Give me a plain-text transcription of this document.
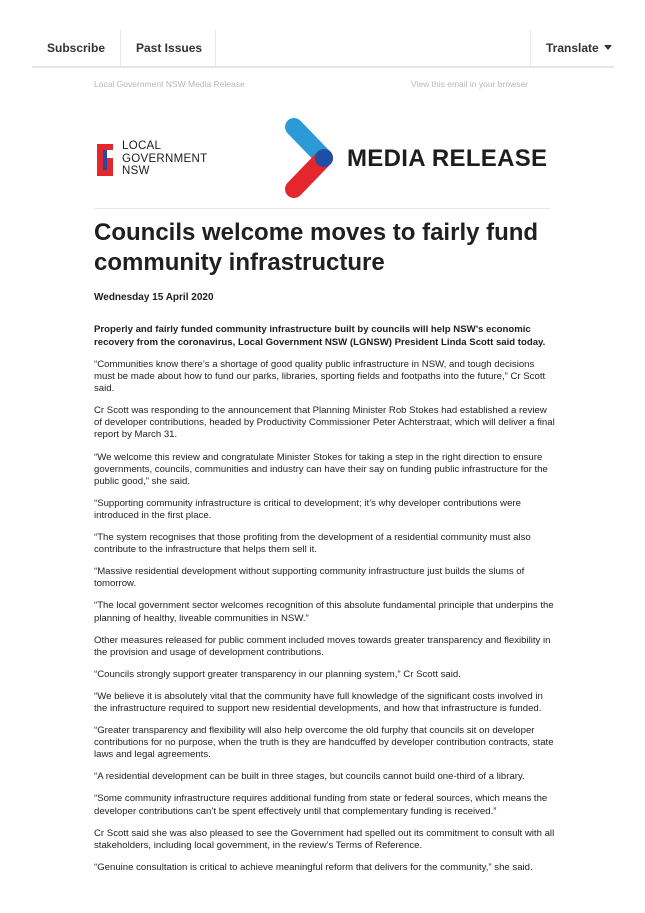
Subscribe	Past Issues	Translate
Local Government NSW Media Release	View this email in your browser
LOCAL
GOVERNMENT
NSW	MEDIA RELEASE
Councils welcome moves to fairly fund community infrastructure

Wednesday 15 April 2020

Properly and fairly funded community infrastructure built by councils will help NSW’s economic recovery from the coronavirus, Local Government NSW (LGNSW) President Linda Scott said today.

“Communities know there’s a shortage of good quality public infrastructure in NSW, and tough decisions must be made about how to fund our parks, libraries, sporting fields and footpaths into the future,” Cr Scott said.

Cr Scott was responding to the announcement that Planning Minister Rob Stokes had established a review of developer contributions, headed by Productivity Commissioner Peter Achterstraat, which will deliver a final report by March 31.

“We welcome this review and congratulate Minister Stokes for taking a step in the right direction to ensure governments, councils, communities and industry can have their say on funding public infrastructure for the public good,” she said.

“Supporting community infrastructure is critical to development; it’s why developer contributions were introduced in the first place.

“The system recognises that those profiting from the development of a residential community must also contribute to the infrastructure that helps them sell it.

“Massive residential development without supporting community infrastructure just builds the slums of tomorrow.

“The local government sector welcomes recognition of this absolute fundamental principle that underpins the planning of healthy, liveable communities in NSW.”

Other measures released for public comment included moves towards greater transparency and flexibility in the provision and usage of development contributions.

“Councils strongly support greater transparency in our planning system,” Cr Scott said.

“We believe it is absolutely vital that the community have full knowledge of the significant costs involved in the infrastructure required to support new residential developments, and how that infrastructure is funded.

“Greater transparency and flexibility will also help overcome the old furphy that councils sit on developer contributions for no purpose, when the truth is they are handcuffed by developer contribution contracts, state laws and legal agreements.

“A residential development can be built in three stages, but councils cannot build one-third of a library.

“Some community infrastructure requires additional funding from state or federal sources, which means the developer contributions can’t be spent effectively until that complementary funding is received.”

Cr Scott said she was also pleased to see the Government had spelled out its commitment to consult with all stakeholders, including local government, in the review’s Terms of Reference.

“Genuine consultation is critical to achieve meaningful reform that delivers for the community,” she said.
